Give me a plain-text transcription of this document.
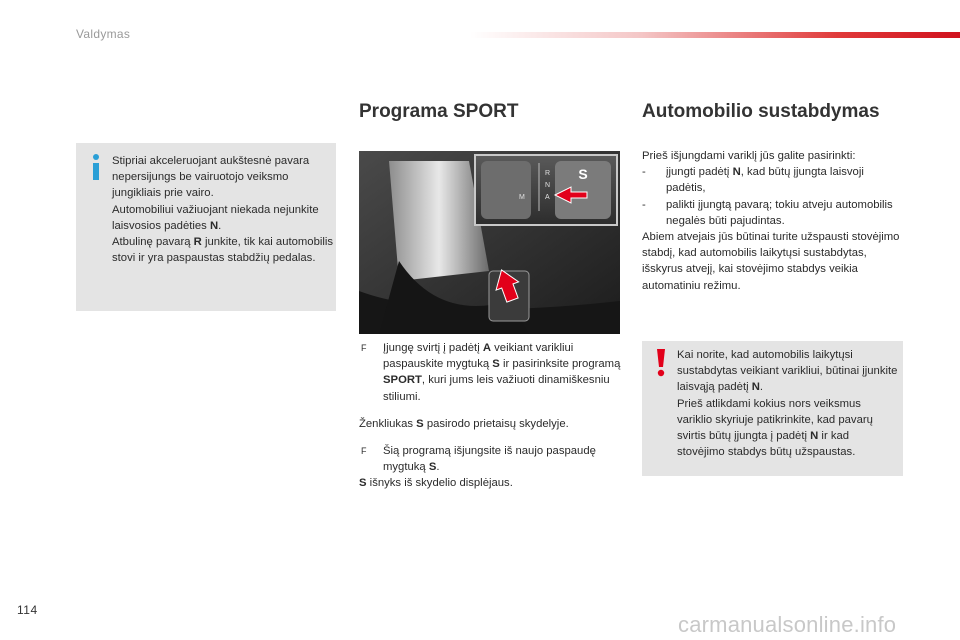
Valdymas
Stipriai akceleruojant aukštesnė pavara nepersijungs be vairuotojo veiksmo jungikliais prie vairo.
Automobiliui važiuojant niekada nejunkite laisvosios padėties N.
Atbulinę pavarą R junkite, tik kai automobilis stovi ir yra paspaustas stabdžių pedalas.
Programa SPORT
S
R
N
A
M
F Įjungę svirtį į padėtį A veikiant varikliui paspauskite mygtuką S ir pasirinksite programą SPORT, kuri jums leis važiuoti dinamiškesniu stiliumi.
Ženkliukas S pasirodo prietaisų skydelyje.
F Šią programą išjungsite iš naujo paspaudę mygtuką S.
S išnyks iš skydelio displėjaus.
Automobilio sustabdymas
Prieš išjungdami variklį jūs galite pasirinkti:
- įjungti padėtį N, kad būtų įjungta laisvoji padėtis,
- palikti įjungtą pavarą; tokiu atveju automobilis negalės būti pajudintas.
Abiem atvejais jūs būtinai turite užspausti stovėjimo stabdį, kad automobilis laikytųsi sustabdytas, išskyrus atvejį, kai stovėjimo stabdys veikia automatiniu režimu.
Kai norite, kad automobilis laikytųsi sustabdytas veikiant varikliui, būtinai įjunkite laisvąją padėtį N.
Prieš atlikdami kokius nors veiksmus variklio skyriuje patikrinkite, kad pavarų svirtis būtų įjungta į padėtį N ir kad stovėjimo stabdys būtų užspaustas.
114
carmanualsonline.info
